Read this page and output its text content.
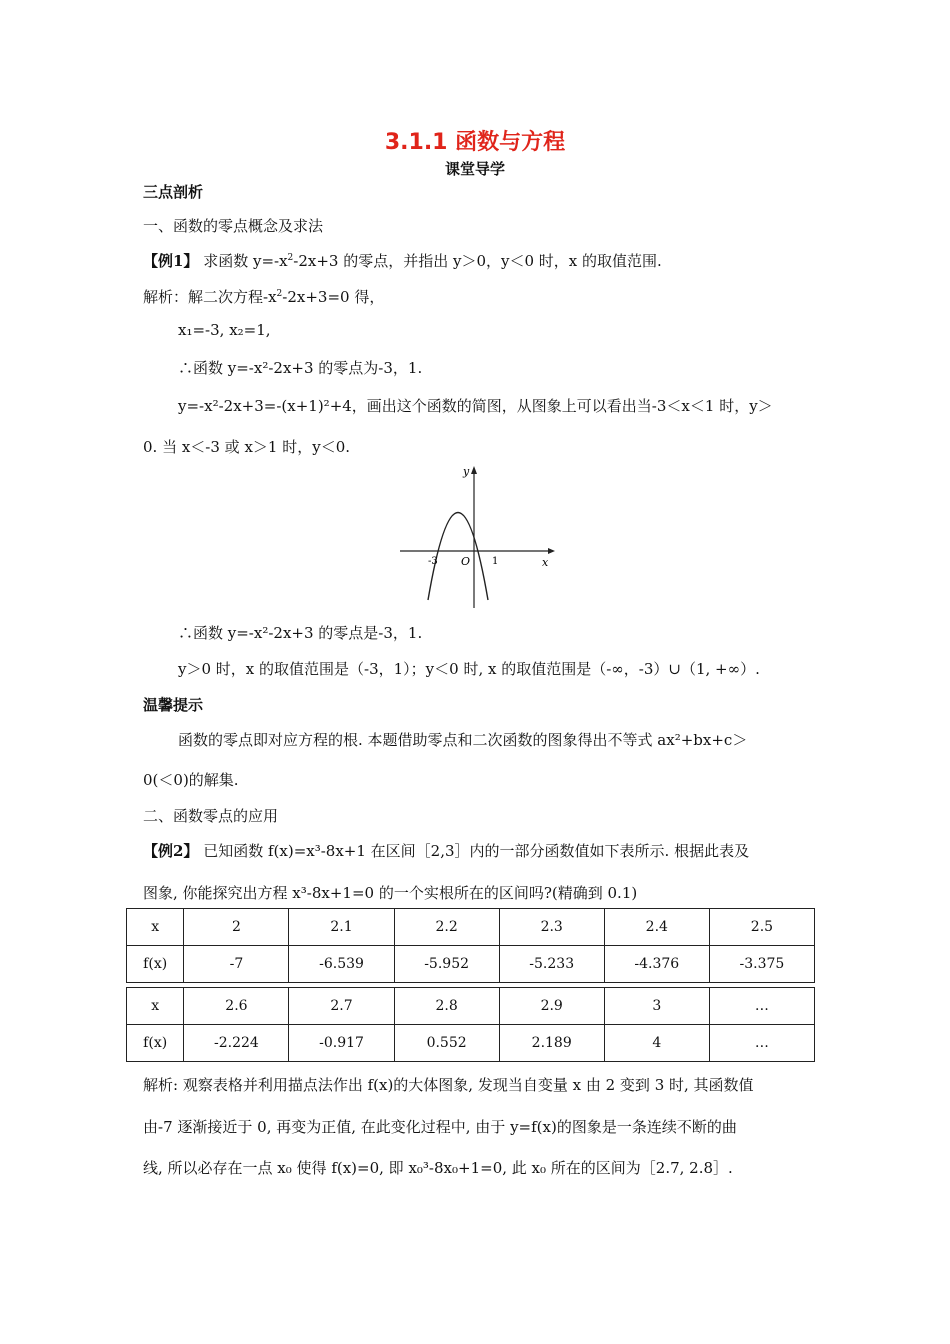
3.1.1 函数与方程
课堂导学
三点剖析
一、函数的零点概念及求法
【例1】 求函数 $y=-x^2-2x+3$ 的零点，并指出 y＞0，y＜0 时，x 的取值范围.
解析：解二次方程$-x^2-2x+3=0$ 得，
x₁=-3, x₂=1,
∴函数 y=-x²-2x+3 的零点为-3，1.
y=-x²-2x+3=-(x+1)²+4，画出这个函数的简图，从图象上可以看出当-3＜x＜1 时，y＞
0. 当 x＜-3 或 x＞1 时，y＜0.
y
x
O
-3	1
∴函数 y=-x²-2x+3 的零点是-3，1.
y＞0 时，x 的取值范围是（-3，1）；y＜0 时, x 的取值范围是（-∞，-3）∪（1, +∞）.
温馨提示
函数的零点即对应方程的根. 本题借助零点和二次函数的图象得出不等式 ax²+bx+c＞
0(＜0)的解集.
二、函数零点的应用
【例2】 已知函数 f(x)=x³-8x+1 在区间［2,3］内的一部分函数值如下表所示. 根据此表及
图象, 你能探究出方程 x³-8x+1=0 的一个实根所在的区间吗?(精确到 0.1)
x	2	2.1	2.2	2.3	2.4	2.5
f(x)	-7	-6.539	-5.952	-5.233	-4.376	-3.375

x	2.6	2.7	2.8	2.9	3	…
f(x)	-2.224	-0.917	0.552	2.189	4	…
解析: 观察表格并利用描点法作出 f(x)的大体图象, 发现当自变量 x 由 2 变到 3 时, 其函数值
由-7 逐渐接近于 0, 再变为正值, 在此变化过程中, 由于 y=f(x)的图象是一条连续不断的曲
线, 所以必存在一点 x₀ 使得 f(x)=0, 即 x₀³-8x₀+1=0, 此 x₀ 所在的区间为［2.7, 2.8］.
